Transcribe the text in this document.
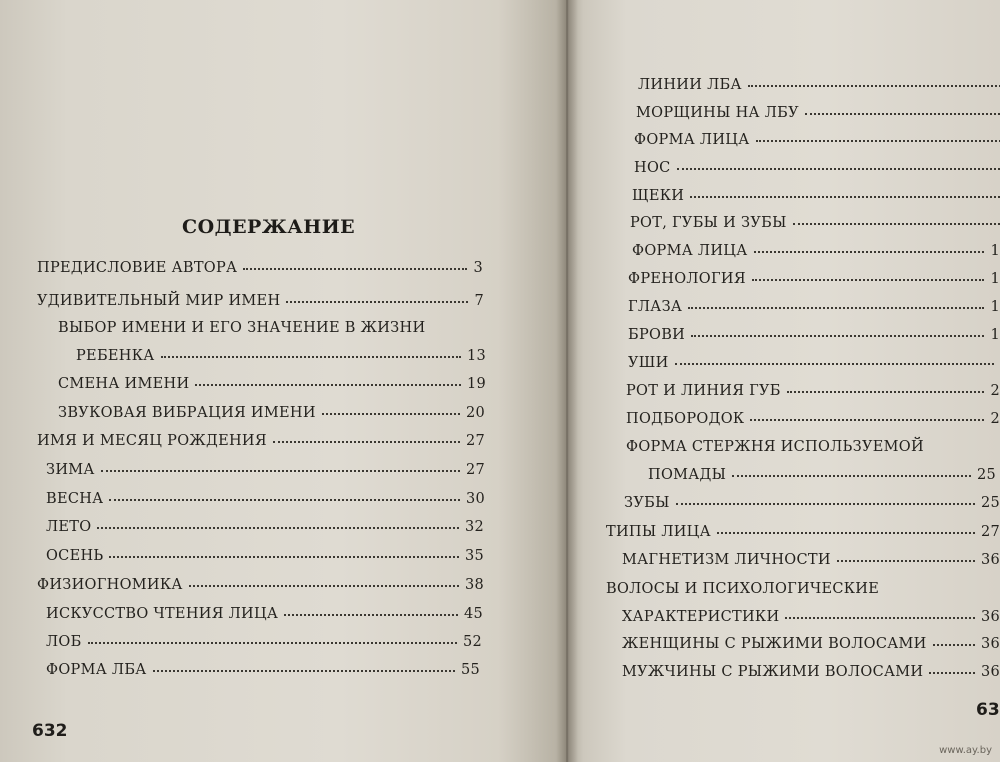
СОДЕРЖАНИЕ
ПРЕДИСЛОВИЕ АВТОРА	3
УДИВИТЕЛЬНЫЙ МИР ИМЕН	7
ВЫБОР ИМЕНИ И ЕГО ЗНАЧЕНИЕ В ЖИЗНИ
РЕБЕНКА	13
СМЕНА ИМЕНИ	19
ЗВУКОВАЯ ВИБРАЦИЯ ИМЕНИ	20
ИМЯ И МЕСЯЦ РОЖДЕНИЯ	27
ЗИМА	27
ВЕСНА	30
ЛЕТО	32
ОСЕНЬ	35
ФИЗИОГНОМИКА	38
ИСКУССТВО ЧТЕНИЯ ЛИЦА	45
ЛОБ	52
ФОРМА ЛБА	55
632
ЛИНИИ ЛБА
МОРЩИНЫ НА ЛБУ
ФОРМА ЛИЦА
НОС
ЩЕКИ
РОТ, ГУБЫ И ЗУБЫ
ФОРМА ЛИЦА	1
ФРЕНОЛОГИЯ	1
ГЛАЗА	1
БРОВИ	1
УШИ
РОТ И ЛИНИЯ ГУБ	2
ПОДБОРОДОК	2
ФОРМА СТЕРЖНЯ ИСПОЛЬЗУЕМОЙ
ПОМАДЫ	25
ЗУБЫ	25
ТИПЫ ЛИЦА	27
МАГНЕТИЗМ ЛИЧНОСТИ	36
ВОЛОСЫ И ПСИХОЛОГИЧЕСКИЕ
ХАРАКТЕРИСТИКИ	36
ЖЕНЩИНЫ С РЫЖИМИ ВОЛОСАМИ	36
МУЖЧИНЫ С РЫЖИМИ ВОЛОСАМИ	36
63
www.ay.by
